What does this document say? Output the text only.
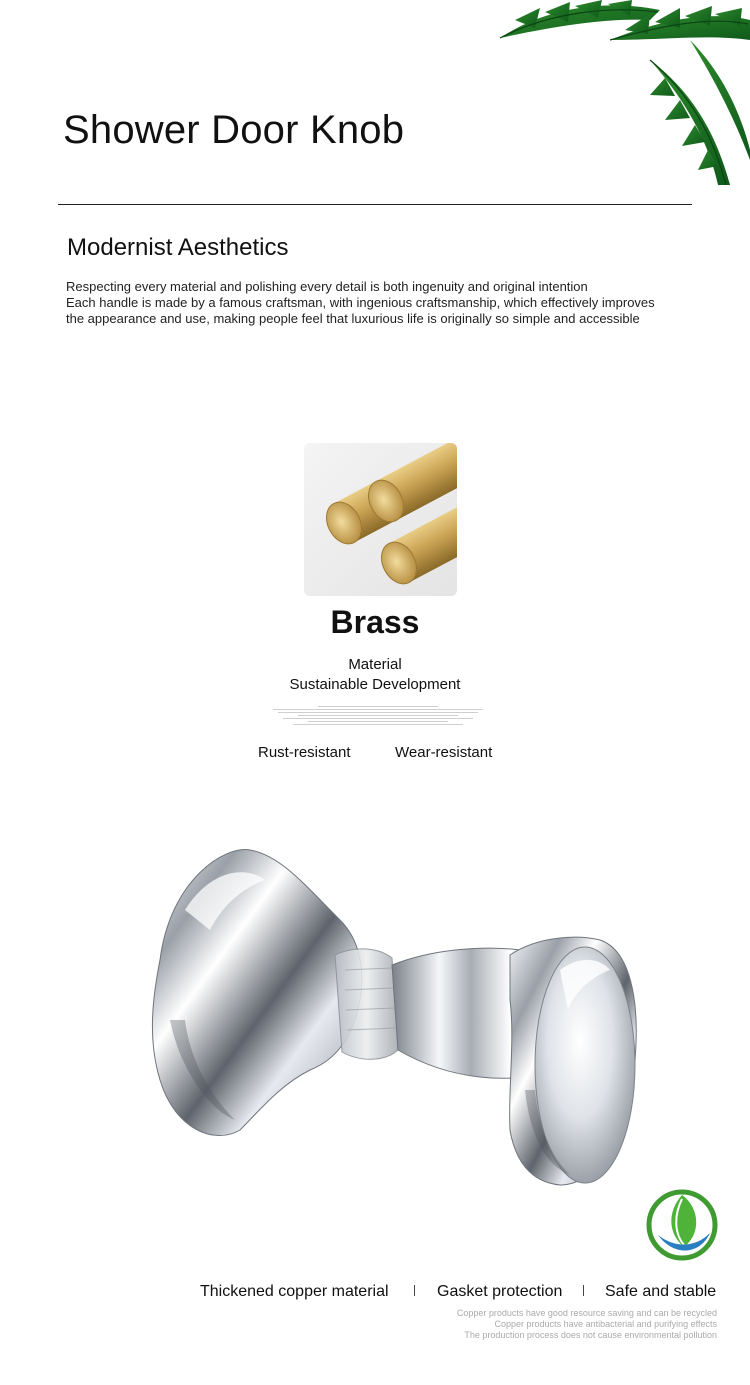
Shower Door Knob
Modernist Aesthetics
Respecting every material and polishing every detail is both ingenuity and original intention
Each handle is made by a famous craftsman, with ingenious craftsmanship, which effectively improves
the appearance and use, making people feel that luxurious life is originally so simple and accessible
Brass
Material
Sustainable Development
Rust-resistant	Wear-resistant
Thickened copper material	Gasket protection	Safe and stable
Copper products have good resource saving and can be recycled
Copper products have antibacterial and purifying effects
The production process does not cause environmental pollution
